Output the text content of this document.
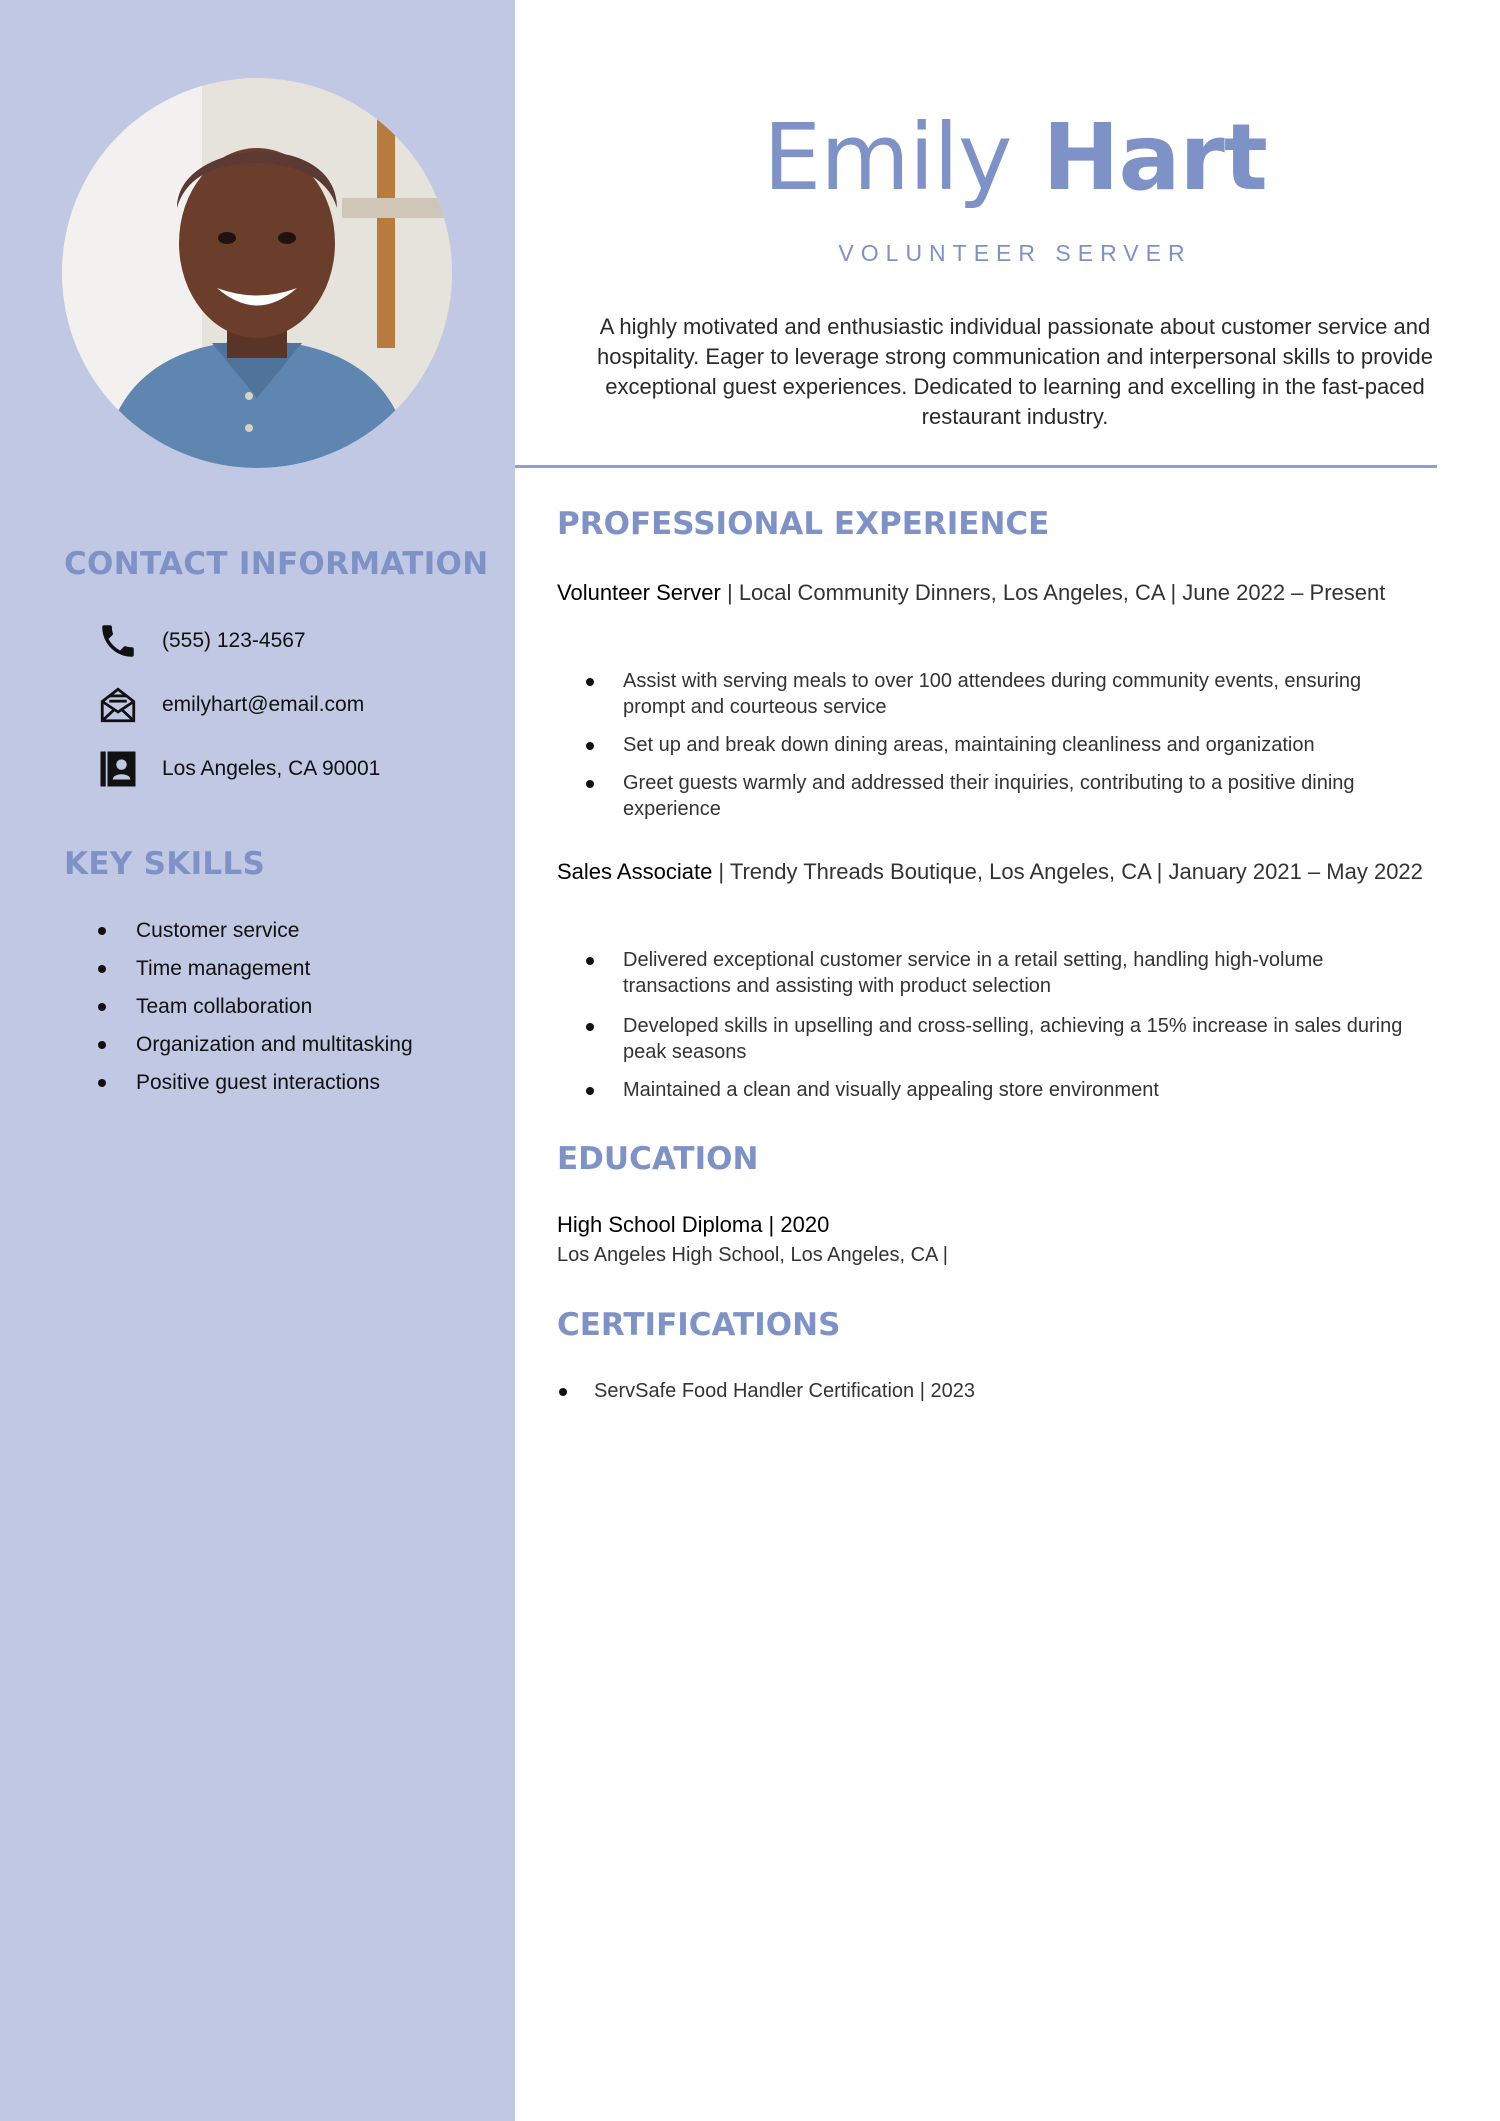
CONTACT INFORMATION
(555) 123-4567
emilyhart@email.com
Los Angeles, CA 90001
KEY SKILLS
Customer service
Time management
Team collaboration
Organization and multitasking
Positive guest interactions
Emily Hart
VOLUNTEER SERVER

A highly motivated and enthusiastic individual passionate about customer service and hospitality. Eager to leverage strong communication and interpersonal skills to provide exceptional guest experiences. Dedicated to learning and excelling in the fast-paced restaurant industry.

PROFESSIONAL EXPERIENCE

Volunteer Server | Local Community Dinners, Los Angeles, CA | June 2022 – Present

Assist with serving meals to over 100 attendees during community events, ensuring prompt and courteous service
Set up and break down dining areas, maintaining cleanliness and organization
Greet guests warmly and addressed their inquiries, contributing to a positive dining experience

Sales Associate | Trendy Threads Boutique, Los Angeles, CA | January 2021 – May 2022

Delivered exceptional customer service in a retail setting, handling high-volume transactions and assisting with product selection
Developed skills in upselling and cross-selling, achieving a 15% increase in sales during peak seasons
Maintained a clean and visually appealing store environment
EDUCATION

High School Diploma | 2020

Los Angeles High School, Los Angeles, CA |

CERTIFICATIONS
ServSafe Food Handler Certification | 2023
